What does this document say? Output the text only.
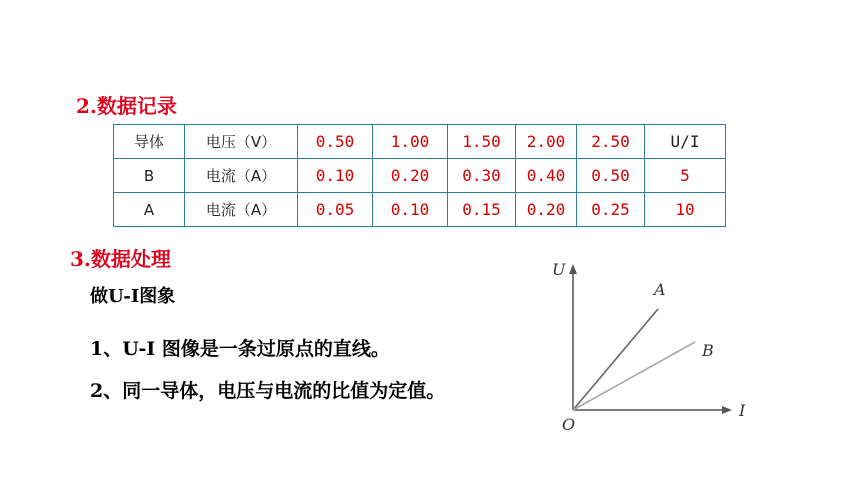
2.数据记录
导体	电压（V）	0.50	1.00	1.50	2.00	2.50	U/I
B	电流（A）	0.10	0.20	0.30	0.40	0.50	5
A	电流（A）	0.05	0.10	0.15	0.20	0.25	10
3.数据处理
做U-I图象
1、U-I 图像是一条过原点的直线。
2、同一导体，电压与电流的比值为定值。
U
I
O
A
B
